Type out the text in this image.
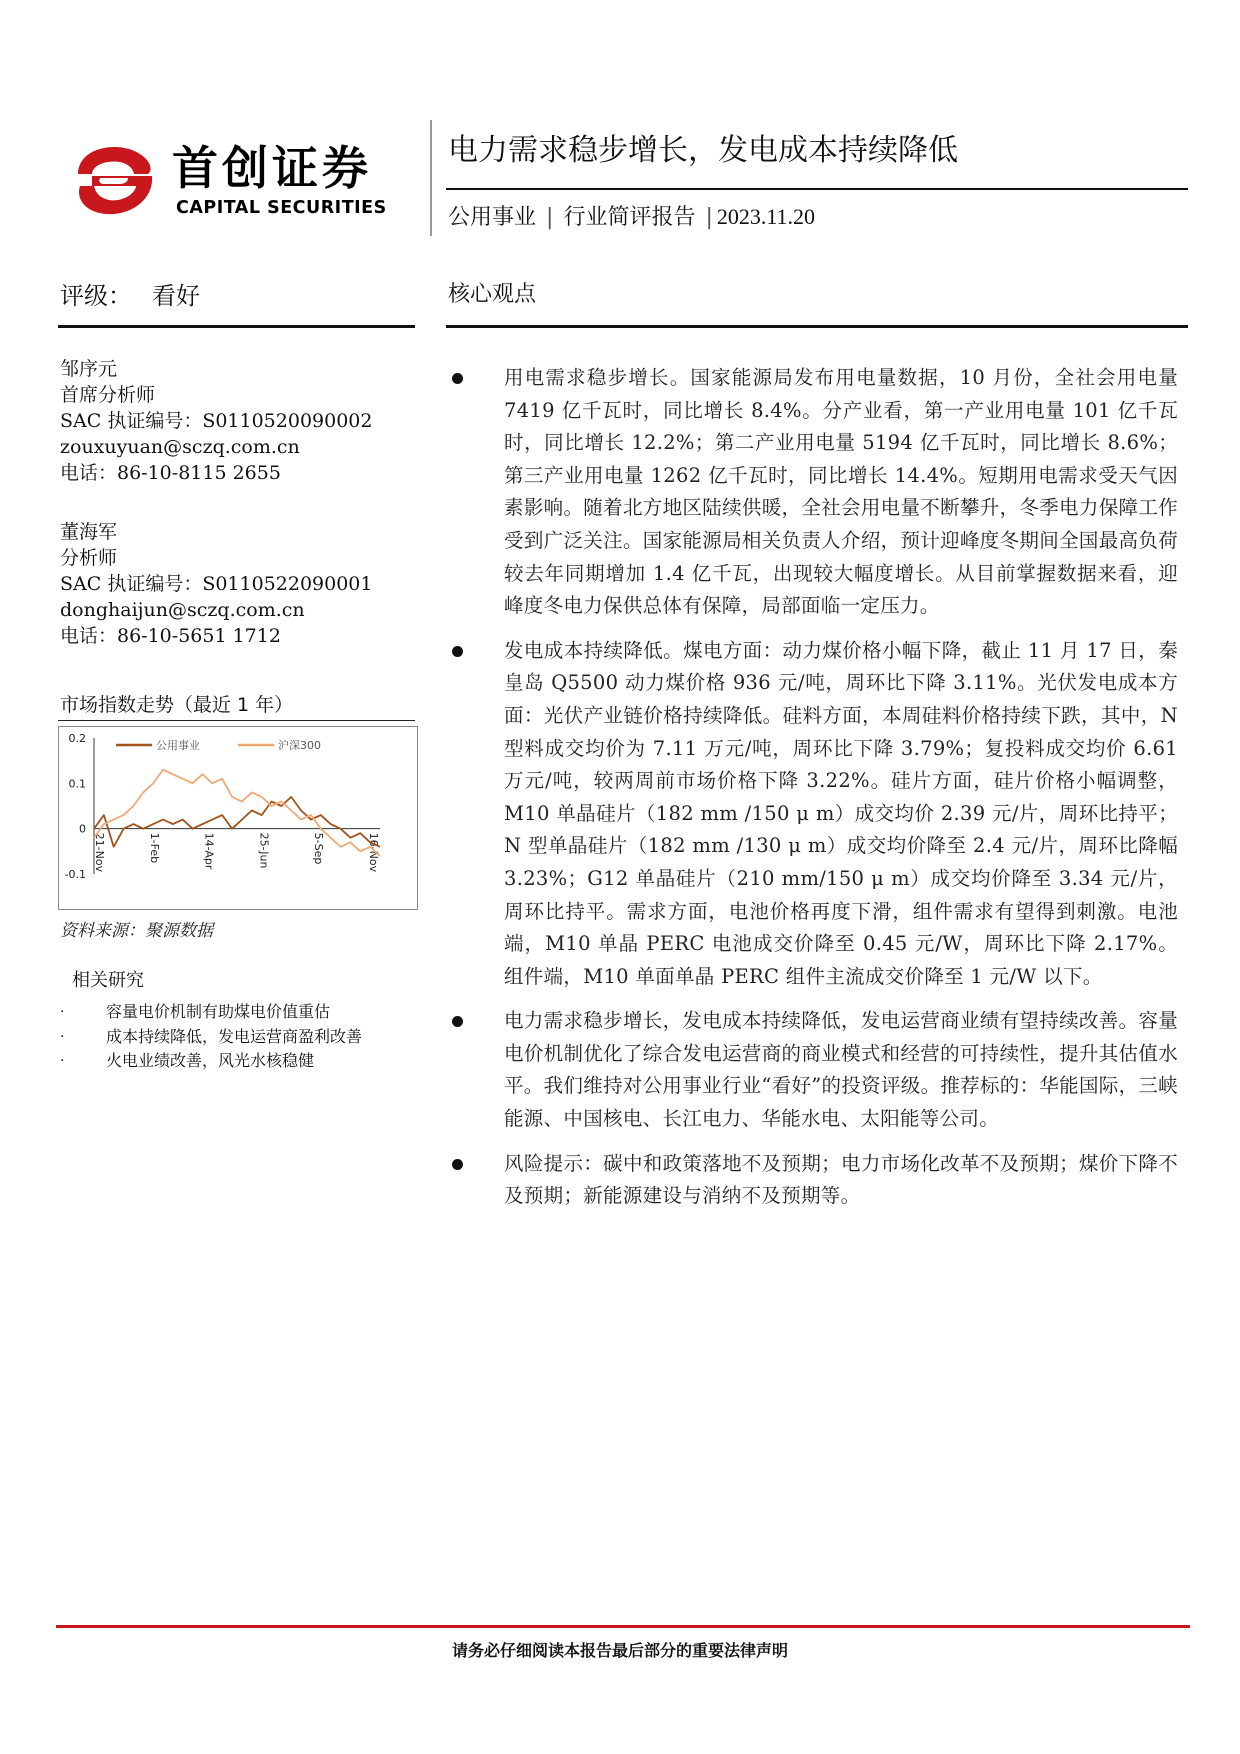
首创证券
CAPITAL SECURITIES
电力需求稳步增长，发电成本持续降低
公用事业 | 行业简评报告 | 2023.11.20
评级： 看好
邹序元
首席分析师
SAC 执证编号：S0110520090002
zouxuyuan@sczq.com.cn
电话：86-10-8115 2655
董海军
分析师
SAC 执证编号：S0110522090001
donghaijun@sczq.com.cn
电话：86-10-5651 1712
市场指数走势（最近 1 年）
0.2
0.1
0
-0.1
21-Nov	1-Feb	14-Apr	25-Jun	5-Sep	16-Nov
公用事业	沪深300
资料来源：聚源数据
相关研究
·	容量电价机制有助煤电价值重估
·	成本持续降低，发电运营商盈利改善
·	火电业绩改善，风光水核稳健
核心观点
用电需求稳步增长。国家能源局发布用电量数据，10 月份，全社会用电量 7419 亿千瓦时，同比增长 8.4%。分产业看，第一产业用电量 101 亿千瓦时，同比增长 12.2%；第二产业用电量 5194 亿千瓦时，同比增长 8.6%；第三产业用电量 1262 亿千瓦时，同比增长 14.4%。短期用电需求受天气因素影响。随着北方地区陆续供暖，全社会用电量不断攀升，冬季电力保障工作受到广泛关注。国家能源局相关负责人介绍，预计迎峰度冬期间全国最高负荷较去年同期增加 1.4 亿千瓦，出现较大幅度增长。从目前掌握数据来看，迎峰度冬电力保供总体有保障，局部面临一定压力。
发电成本持续降低。煤电方面：动力煤价格小幅下降，截止 11 月 17 日，秦皇岛 Q5500 动力煤价格 936 元/吨，周环比下降 3.11%。光伏发电成本方面：光伏产业链价格持续降低。硅料方面，本周硅料价格持续下跌，其中，N 型料成交均价为 7.11 万元/吨，周环比下降 3.79%；复投料成交均价 6.61 万元/吨，较两周前市场价格下降 3.22%。硅片方面，硅片价格小幅调整，M10 单晶硅片（182 mm /150 μ m）成交均价 2.39 元/片，周环比持平；N 型单晶硅片（182 mm /130 μ m）成交均价降至 2.4 元/片，周环比降幅 3.23%；G12 单晶硅片（210 mm/150 μ m）成交均价降至 3.34 元/片，周环比持平。需求方面，电池价格再度下滑，组件需求有望得到刺激。电池端，M10 单晶 PERC 电池成交价降至 0.45 元/W，周环比下降 2.17%。组件端，M10 单面单晶 PERC 组件主流成交价降至 1 元/W 以下。
电力需求稳步增长，发电成本持续降低，发电运营商业绩有望持续改善。容量电价机制优化了综合发电运营商的商业模式和经营的可持续性，提升其估值水平。我们维持对公用事业行业“看好”的投资评级。推荐标的：华能国际，三峡能源、中国核电、长江电力、华能水电、太阳能等公司。
风险提示：碳中和政策落地不及预期；电力市场化改革不及预期；煤价下降不及预期；新能源建设与消纳不及预期等。
请务必仔细阅读本报告最后部分的重要法律声明
